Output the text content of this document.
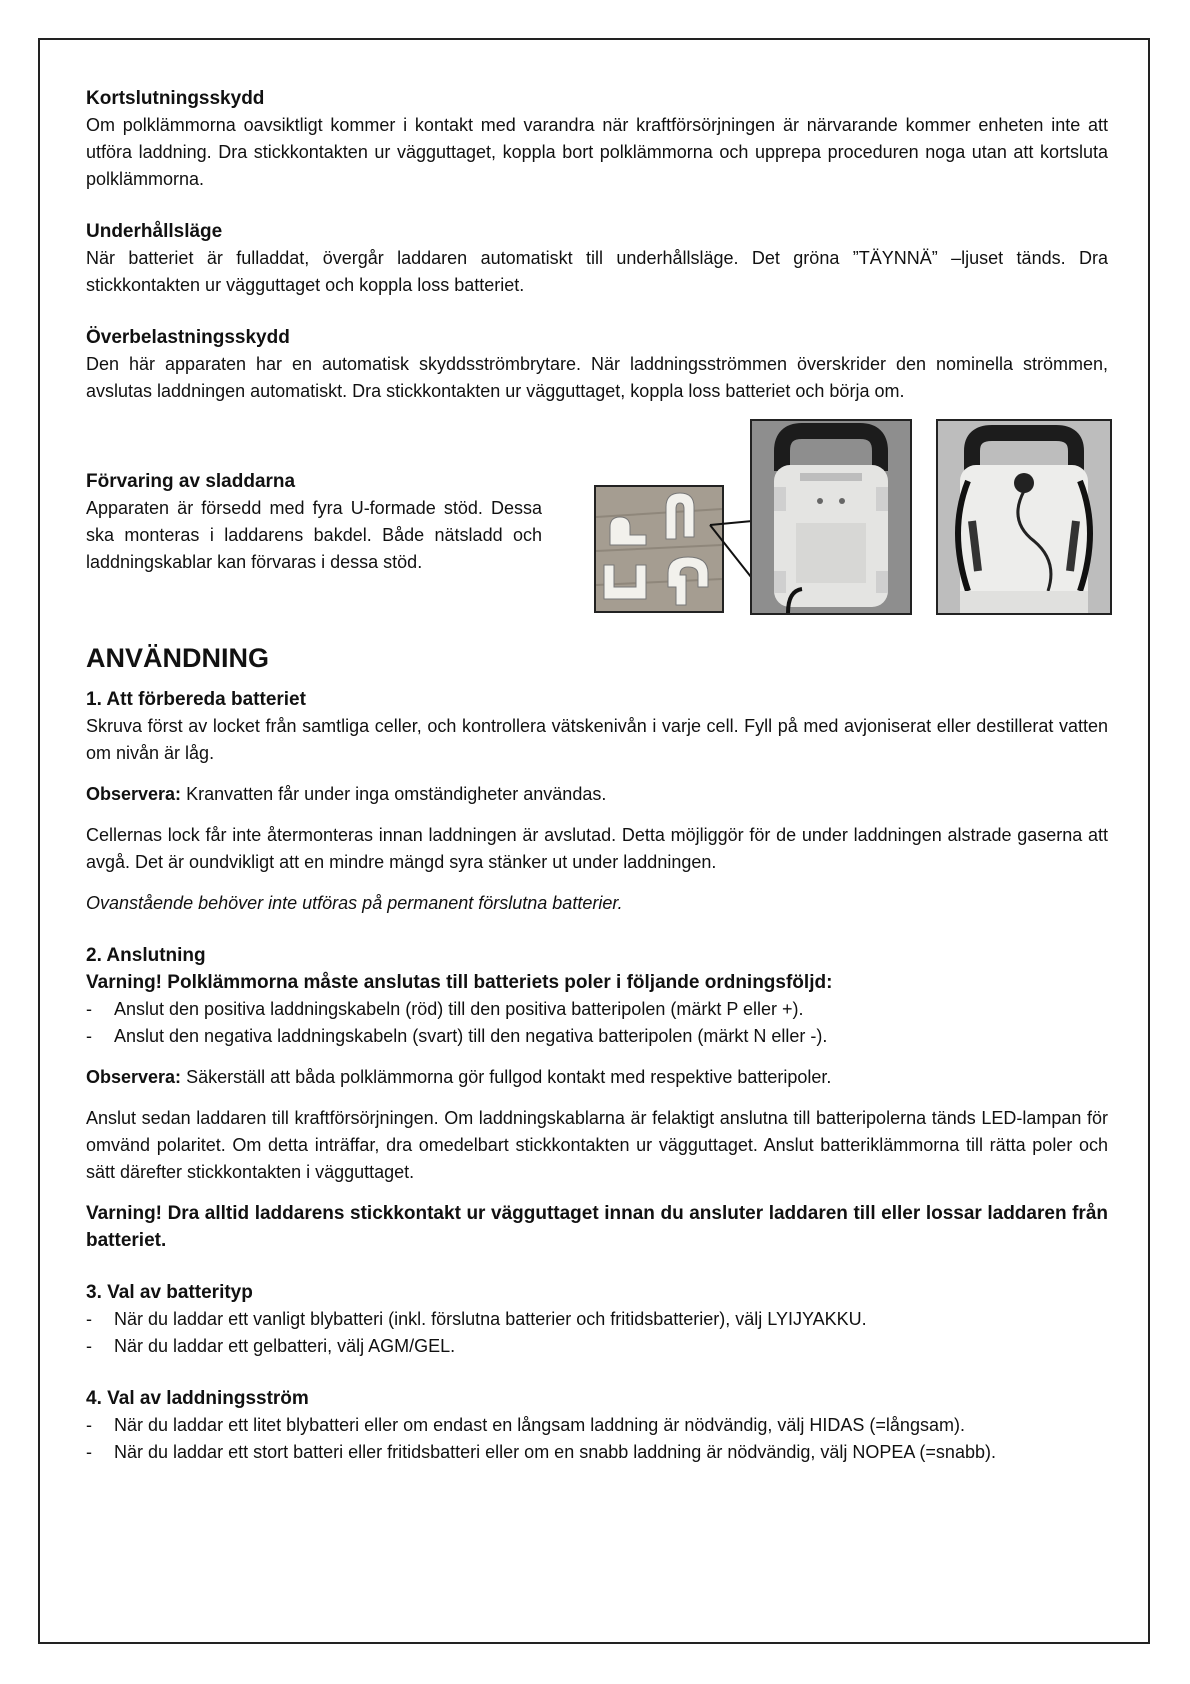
Kortslutningsskydd

Om polklämmorna oavsiktligt kommer i kontakt med varandra när kraftförsörjningen är närvarande kommer enheten inte att utföra laddning. Dra stickkontakten ur vägguttaget, koppla bort polklämmorna och upprepa proceduren noga utan att kortsluta polklämmorna.

Underhållsläge

När batteriet är fulladdat, övergår laddaren automatiskt till underhållsläge. Det gröna ”TÄYNNÄ” –ljuset tänds. Dra stickkontakten ur vägguttaget och koppla loss batteriet.

Överbelastningsskydd

Den här apparaten har en automatisk skyddsströmbrytare. När laddningsströmmen överskrider den nominella strömmen, avslutas laddningen automatiskt. Dra stickkontakten ur vägguttaget, koppla loss batteriet och börja om.

Förvaring av sladdarna

Apparaten är försedd med fyra U-formade stöd. Dessa ska monteras i laddarens bakdel. Både nätsladd och laddningskablar kan förvaras i dessa stöd.

ANVÄNDNING
1. Att förbereda batteriet

Skruva först av locket från samtliga celler, och kontrollera vätskenivån i varje cell. Fyll på med avjoniserat eller destillerat vatten om nivån är låg.

Observera: Kranvatten får under inga omständigheter användas.

Cellernas lock får inte återmonteras innan laddningen är avslutad. Detta möjliggör för de under laddningen alstrade gaserna att avgå. Det är oundvikligt att en mindre mängd syra stänker ut under laddningen.

Ovanstående behöver inte utföras på permanent förslutna batterier.

2. Anslutning

Varning! Polklämmorna måste anslutas till batteriets poler i följande ordningsföljd:

- Anslut den positiva laddningskabeln (röd) till den positiva batteripolen (märkt P eller +).
- Anslut den negativa laddningskabeln (svart) till den negativa batteripolen (märkt N eller -).

Observera: Säkerställ att båda polklämmorna gör fullgod kontakt med respektive batteripoler.

Anslut sedan laddaren till kraftförsörjningen. Om laddningskablarna är felaktigt anslutna till batteripolerna tänds LED-lampan för omvänd polaritet. Om detta inträffar, dra omedelbart stickkontakten ur vägguttaget. Anslut batteriklämmorna till rätta poler och sätt därefter stickkontakten i vägguttaget.

Varning! Dra alltid laddarens stickkontakt ur vägguttaget innan du ansluter laddaren till eller lossar laddaren från batteriet.

3. Val av batterityp
- När du laddar ett vanligt blybatteri (inkl. förslutna batterier och fritidsbatterier), välj LYIJYAKKU.
- När du laddar ett gelbatteri, välj AGM/GEL.
4. Val av laddningsström
- När du laddar ett litet blybatteri eller om endast en långsam laddning är nödvändig, välj HIDAS (=långsam).
- När du laddar ett stort batteri eller fritidsbatteri eller om en snabb laddning är nödvändig, välj NOPEA (=snabb).
